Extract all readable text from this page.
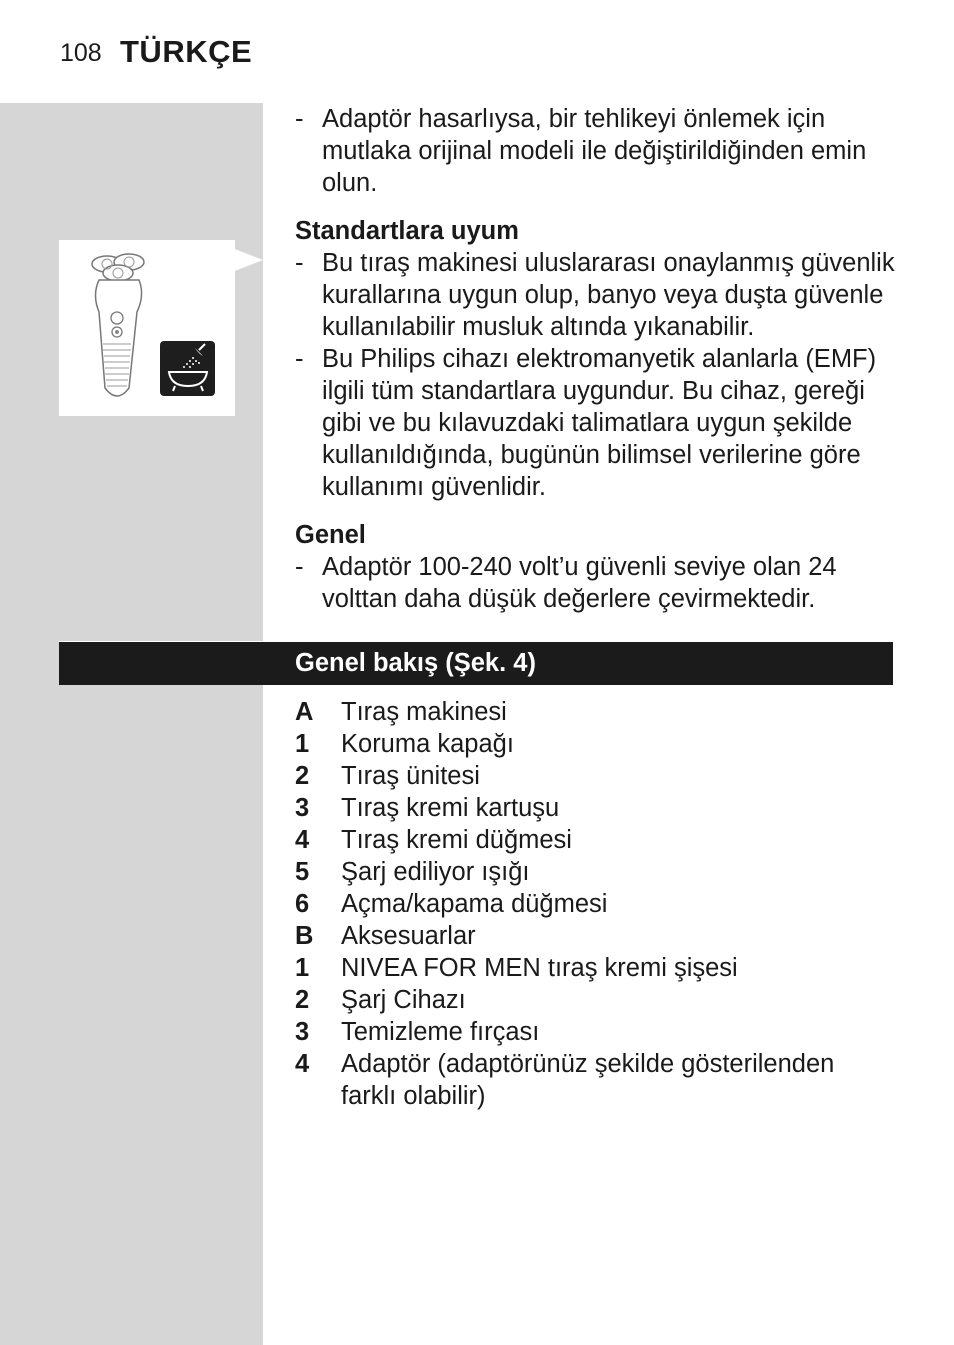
108 TÜRKÇE
- Adaptör hasarlıysa, bir tehlikeyi önlemek için mutlaka orijinal modeli ile değiştirildiğinden emin olun.
Standartlara uyum
- Bu tıraş makinesi uluslararası onaylanmış güvenlik kurallarına uygun olup, banyo veya duşta güvenle kullanılabilir musluk altında yıkanabilir.
- Bu Philips cihazı elektromanyetik alanlarla (EMF) ilgili tüm standartlara uygundur. Bu cihaz, gereği gibi ve bu kılavuzdaki talimatlara uygun şekilde kullanıldığında, bugünün bilimsel verilerine göre kullanımı güvenlidir.
Genel
- Adaptör 100-240 volt’u güvenli seviye olan 24 volttan daha düşük değerlere çevirmektedir.
Genel bakış (Şek. 4)
A Tıraş makinesi
1 Koruma kapağı
2 Tıraş ünitesi
3 Tıraş kremi kartuşu
4 Tıraş kremi düğmesi
5 Şarj ediliyor ışığı
6 Açma/kapama düğmesi
B Aksesuarlar
1 NIVEA FOR MEN tıraş kremi şişesi
2 Şarj Cihazı
3 Temizleme fırçası
4 Adaptör (adaptörünüz şekilde gösterilenden farklı olabilir)
